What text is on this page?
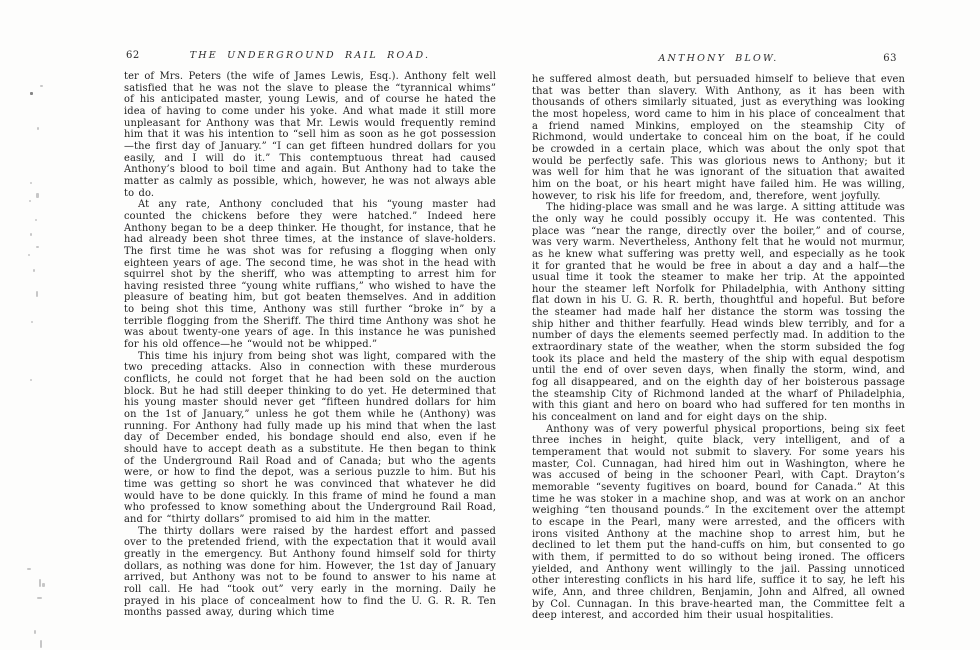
62	THE UNDERGROUND RAIL ROAD.

ter of Mrs. Peters (the wife of James Lewis, Esq.). Anthony felt well satisfied that he was not the slave to please the “tyrannical whims” of his anticipated master, young Lewis, and of course he hated the idea of having to come under his yoke. And what made it still more unpleasant for Anthony was that Mr. Lewis would frequently remind him that it was his intention to “sell him as soon as he got possession—the first day of January.” “I can get fifteen hundred dollars for you easily, and I will do it.” This contemptuous threat had caused Anthony’s blood to boil time and again. But Anthony had to take the matter as calmly as possible, which, however, he was not always able to do.

At any rate, Anthony concluded that his “young master had counted the chickens before they were hatched.” Indeed here Anthony began to be a deep thinker. He thought, for instance, that he had already been shot three times, at the instance of slave-holders. The first time he was shot was for refusing a flogging when only eighteen years of age. The second time, he was shot in the head with squirrel shot by the sheriff, who was attempting to arrest him for having resisted three “young white ruffians,” who wished to have the pleasure of beating him, but got beaten themselves. And in addition to being shot this time, Anthony was still further “broke in” by a terrible flogging from the Sheriff. The third time Anthony was shot he was about twenty-one years of age. In this instance he was punished for his old offence—he “would not be whipped.”

This time his injury from being shot was light, compared with the two preceding attacks. Also in connection with these murderous conflicts, he could not forget that he had been sold on the auction block. But he had still deeper thinking to do yet. He determined that his young master should never get “fifteen hundred dollars for him on the 1st of January,” unless he got them while he (Anthony) was running. For Anthony had fully made up his mind that when the last day of December ended, his bondage should end also, even if he should have to accept death as a substitute. He then began to think of the Underground Rail Road and of Canada; but who the agents were, or how to find the depot, was a serious puzzle to him. But his time was getting so short he was convinced that whatever he did would have to be done quickly. In this frame of mind he found a man who professed to know something about the Underground Rail Road, and for “thirty dollars” promised to aid him in the matter.

The thirty dollars were raised by the hardest effort and passed over to the pretended friend, with the expectation that it would avail greatly in the emergency. But Anthony found himself sold for thirty dollars, as nothing was done for him. However, the 1st day of January arrived, but Anthony was not to be found to answer to his name at roll call. He had “took out” very early in the morning. Daily he prayed in his place of concealment how to find the U. G. R. R. Ten months passed away, during which time

ANTHONY BLOW.	63

he suffered almost death, but persuaded himself to believe that even that was better than slavery. With Anthony, as it has been with thousands of others similarly situated, just as everything was looking the most hopeless, word came to him in his place of concealment that a friend named Minkins, employed on the steamship City of Richmond, would undertake to conceal him on the boat, if he could be crowded in a certain place, which was about the only spot that would be perfectly safe. This was glorious news to Anthony; but it was well for him that he was ignorant of the situation that awaited him on the boat, or his heart might have failed him. He was willing, however, to risk his life for freedom, and, therefore, went joyfully.

The hiding-place was small and he was large. A sitting attitude was the only way he could possibly occupy it. He was contented. This place was “near the range, directly over the boiler,” and of course, was very warm. Nevertheless, Anthony felt that he would not murmur, as he knew what suffering was pretty well, and especially as he took it for granted that he would be free in about a day and a half—the usual time it took the steamer to make her trip. At the appointed hour the steamer left Norfolk for Philadelphia, with Anthony sitting flat down in his U. G. R. R. berth, thoughtful and hopeful. But before the steamer had made half her distance the storm was tossing the ship hither and thither fearfully. Head winds blew terribly, and for a number of days the elements seemed perfectly mad. In addition to the extraordinary state of the weather, when the storm subsided the fog took its place and held the mastery of the ship with equal despotism until the end of over seven days, when finally the storm, wind, and fog all disappeared, and on the eighth day of her boisterous passage the steamship City of Richmond landed at the wharf of Philadelphia, with this giant and hero on board who had suffered for ten months in his concealment on land and for eight days on the ship.

Anthony was of very powerful physical proportions, being six feet three inches in height, quite black, very intelligent, and of a temperament that would not submit to slavery. For some years his master, Col. Cunnagan, had hired him out in Washington, where he was accused of being in the schooner Pearl, with Capt. Drayton’s memorable “seventy fugitives on board, bound for Canada.” At this time he was stoker in a machine shop, and was at work on an anchor weighing “ten thousand pounds.” In the excitement over the attempt to escape in the Pearl, many were arrested, and the officers with irons visited Anthony at the machine shop to arrest him, but he declined to let them put the hand-cuffs on him, but consented to go with them, if permitted to do so without being ironed. The officers yielded, and Anthony went willingly to the jail. Passing unnoticed other interesting conflicts in his hard life, suffice it to say, he left his wife, Ann, and three children, Benjamin, John and Alfred, all owned by Col. Cunnagan. In this brave-hearted man, the Committee felt a deep interest, and accorded him their usual hospitalities.
